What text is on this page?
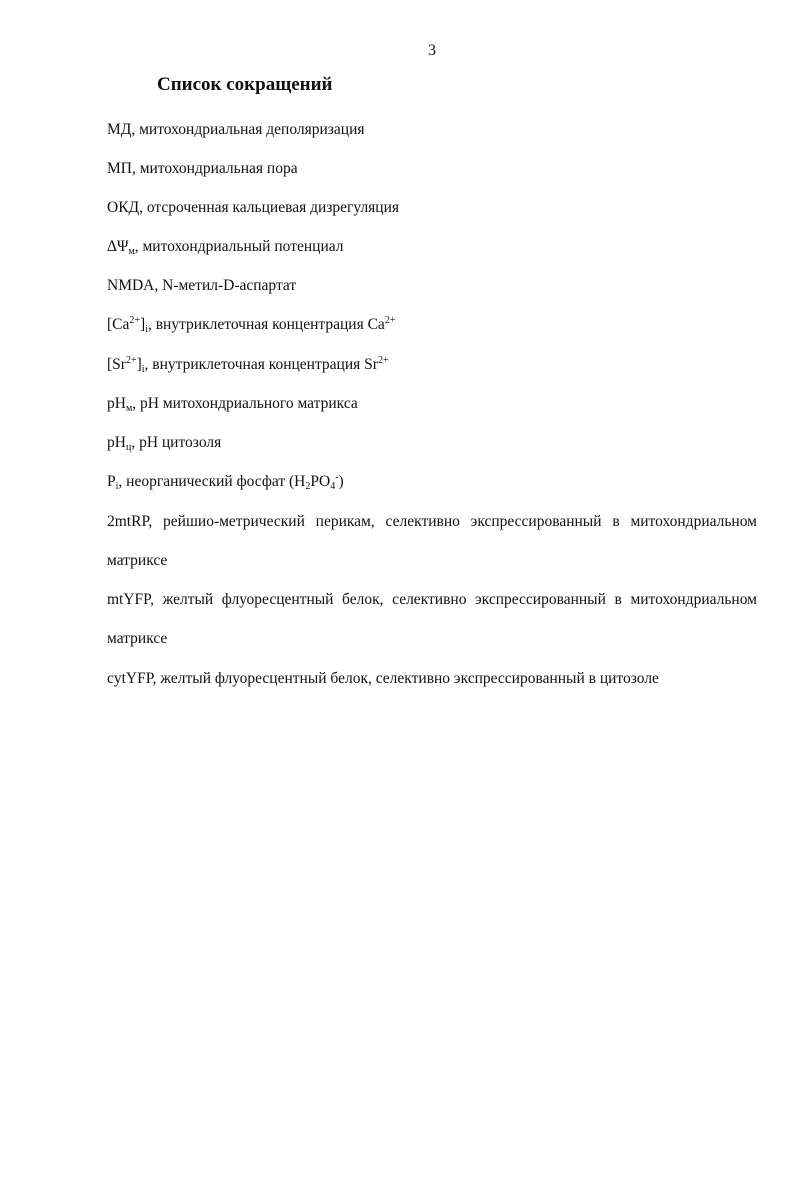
3
Список сокращений
МД, митохондриальная деполяризация
МП, митохондриальная пора
ОКД, отсроченная кальциевая дизрегуляция
$\Delta\Psi_м$, митохондриальный потенциал
NMDA, N-метил-D-аспартат
$[Ca^{2+}]_i$, внутриклеточная концентрация $Ca^{2+}$
$[Sr^{2+}]_i$, внутриклеточная концентрация $Sr^{2+}$
$pH_м$, pH митохондриального матрикса
$pH_ц$, pH цитозоля
$P_i$, неорганический фосфат $(H_2PO_4^-)$
2mtRP, рейшио-метрический перикам, селективно экспрессированный в митохондриальном
матриксе
mtYFP, желтый флуоресцентный белок, селективно экспрессированный в митохондриальном
матриксе
cytYFP, желтый флуоресцентный белок, селективно экспрессированный в цитозоле
